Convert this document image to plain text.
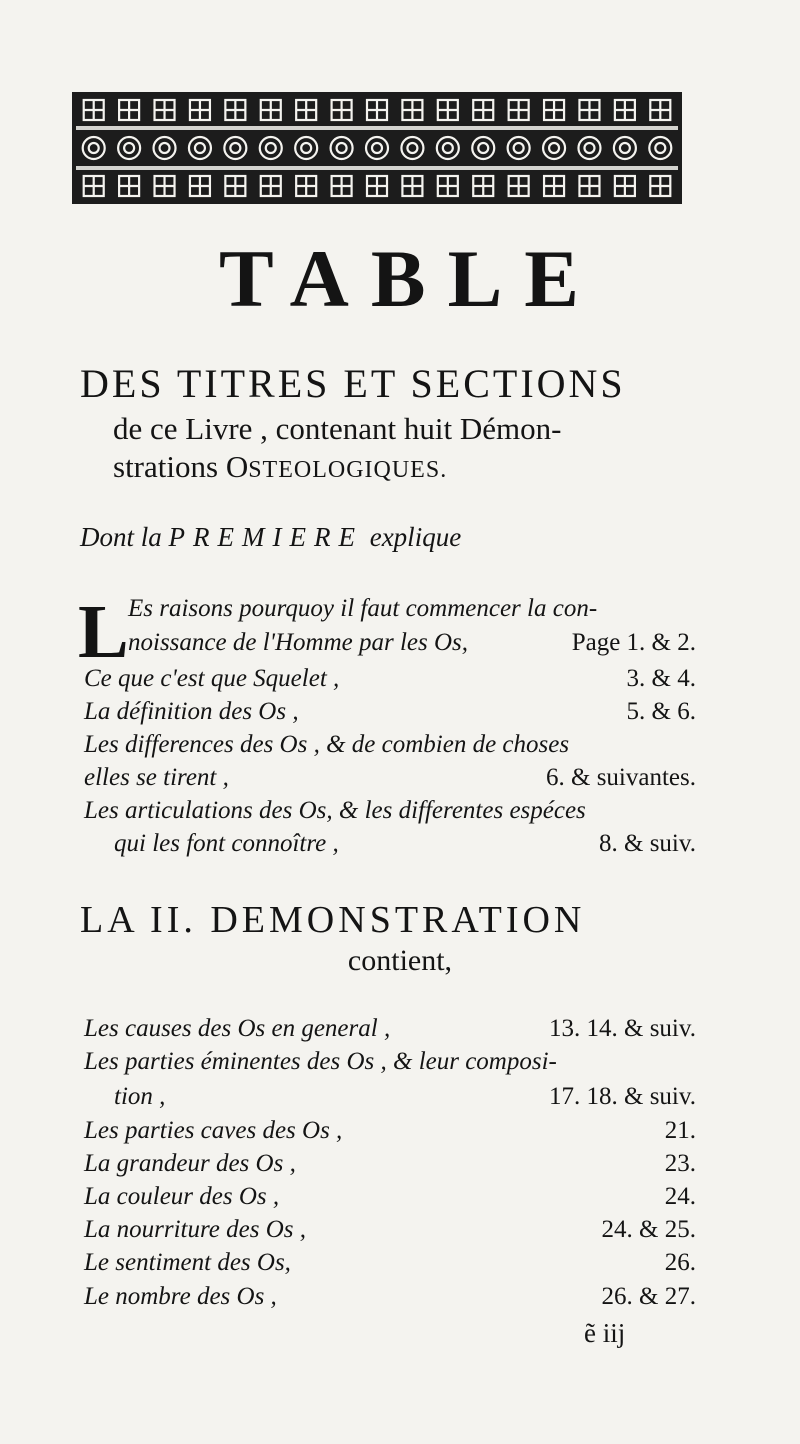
TABLE
DES TITRES ET SECTIONS
de ce Livre , contenant huit Démon-
strations OSTEOLOGIQUES.
Dont la PREMIERE explique
L Es raisons pourquoy il faut commencer la con-
noissance de l'Homme par les Os,	Page 1. & 2.
Ce que c'est que Squelet ,	3. & 4.
La définition des Os ,	5. & 6.
Les differences des Os , & de combien de choses
elles se tirent ,	6. & suivantes.
Les articulations des Os, & les differentes espéces
qui les font connoître ,	8. & suiv.
LA II. DEMONSTRATION
contient,
Les causes des Os en general ,	13. 14. & suiv.
Les parties éminentes des Os , & leur composi-
tion ,	17. 18. & suiv.
Les parties caves des Os ,	21.
La grandeur des Os ,	23.
La couleur des Os ,	24.
La nourriture des Os ,	24. & 25.
Le sentiment des Os,	26.
Le nombre des Os ,	26. & 27.
ẽ iij
